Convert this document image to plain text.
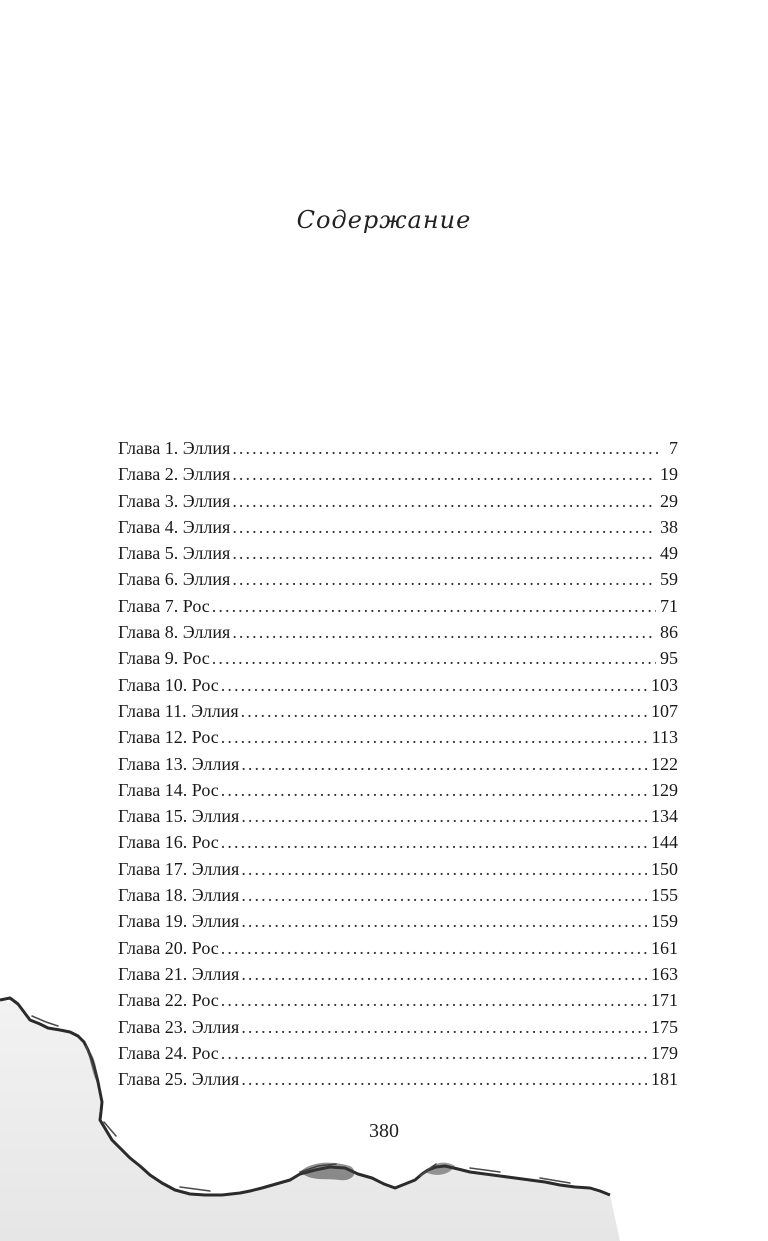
Содержание
Глава 1. Эллия . . .	7
Глава 2. Эллия . . .	19
Глава 3. Эллия . . .	29
Глава 4. Эллия . . .	38
Глава 5. Эллия . . .	49
Глава 6. Эллия . . .	59
Глава 7. Рос . . .	71
Глава 8. Эллия . . .	86
Глава 9. Рос . . .	95
Глава 10. Рос . . .	103
Глава 11. Эллия . . .	107
Глава 12. Рос . . .	113
Глава 13. Эллия . . .	122
Глава 14. Рос . . .	129
Глава 15. Эллия . . .	134
Глава 16. Рос . . .	144
Глава 17. Эллия . . .	150
Глава 18. Эллия . . .	155
Глава 19. Эллия . . .	159
Глава 20. Рос . . .	161
Глава 21. Эллия . . .	163
Глава 22. Рос . . .	171
Глава 23. Эллия . . .	175
Глава 24. Рос . . .	179
Глава 25. Эллия . . .	181
380
